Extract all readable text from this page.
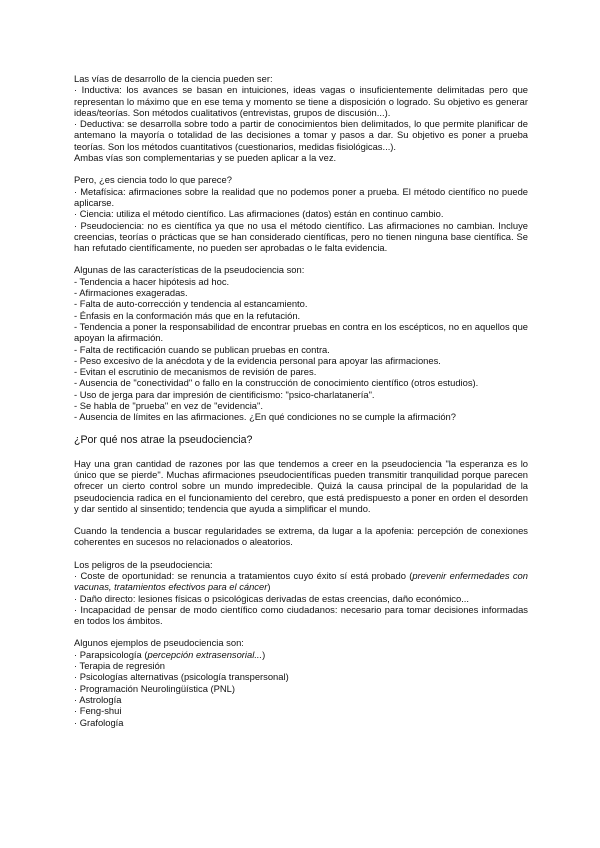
Las vías de desarrollo de la ciencia pueden ser:

· Inductiva: los avances se basan en intuiciones, ideas vagas o insuficientemente delimitadas pero que representan lo máximo que en ese tema y momento se tiene a disposición o logrado. Su objetivo es generar ideas/teorías. Son métodos cualitativos (entrevistas, grupos de discusión...).

· Deductiva: se desarrolla sobre todo a partir de conocimientos bien delimitados, lo que permite planificar de antemano la mayoría o totalidad de las decisiones a tomar y pasos a dar. Su objetivo es poner a prueba teorías. Son los métodos cuantitativos (cuestionarios, medidas fisiológicas...).

Ambas vías son complementarias y se pueden aplicar a la vez.

Pero, ¿es ciencia todo lo que parece?

· Metafísica: afirmaciones sobre la realidad que no podemos poner a prueba. El método científico no puede aplicarse.

· Ciencia: utiliza el método científico. Las afirmaciones (datos) están en continuo cambio.

· Pseudociencia: no es científica ya que no usa el método científico. Las afirmaciones no cambian. Incluye creencias, teorías o prácticas que se han considerado científicas, pero no tienen ninguna base científica. Se han refutado científicamente, no pueden ser aprobadas o le falta evidencia.

Algunas de las características de la pseudociencia son:

- Tendencia a hacer hipótesis ad hoc.

- Afirmaciones exageradas.

- Falta de auto-corrección y tendencia al estancamiento.

- Énfasis en la conformación más que en la refutación.

- Tendencia a poner la responsabilidad de encontrar pruebas en contra en los escépticos, no en aquellos que apoyan la afirmación.

- Falta de rectificación cuando se publican pruebas en contra.

- Peso excesivo de la anécdota y de la evidencia personal para apoyar las afirmaciones.

- Evitan el escrutinio de mecanismos de revisión de pares.

- Ausencia de "conectividad" o fallo en la construcción de conocimiento científico (otros estudios).

- Uso de jerga para dar impresión de cientificismo: "psico-charlatanería".

- Se habla de "prueba" en vez de "evidencia".

- Ausencia de límites en las afirmaciones. ¿En qué condiciones no se cumple la afirmación?

¿Por qué nos atrae la pseudociencia?

Hay una gran cantidad de razones por las que tendemos a creer en la pseudociencia "la esperanza es lo único que se pierde". Muchas afirmaciones pseudocientíficas pueden transmitir tranquilidad porque parecen ofrecer un cierto control sobre un mundo impredecible. Quizá la causa principal de la popularidad de la pseudociencia radica en el funcionamiento del cerebro, que está predispuesto a poner en orden el desorden y dar sentido al sinsentido; tendencia que ayuda a simplificar el mundo.

Cuando la tendencia a buscar regularidades se extrema, da lugar a la apofenia: percepción de conexiones coherentes en sucesos no relacionados o aleatorios.

Los peligros de la pseudociencia:

· Coste de oportunidad: se renuncia a tratamientos cuyo éxito sí está probado (prevenir enfermedades con vacunas, tratamientos efectivos para el cáncer)

· Daño directo: lesiones físicas o psicológicas derivadas de estas creencias, daño económico...

· Incapacidad de pensar de modo científico como ciudadanos: necesario para tomar decisiones informadas en todos los ámbitos.

Algunos ejemplos de pseudociencia son:

· Parapsicología (percepción extrasensorial...)

· Terapia de regresión

· Psicologías alternativas (psicología transpersonal)

· Programación Neurolingüística (PNL)

· Astrología

· Feng-shui

· Grafología
